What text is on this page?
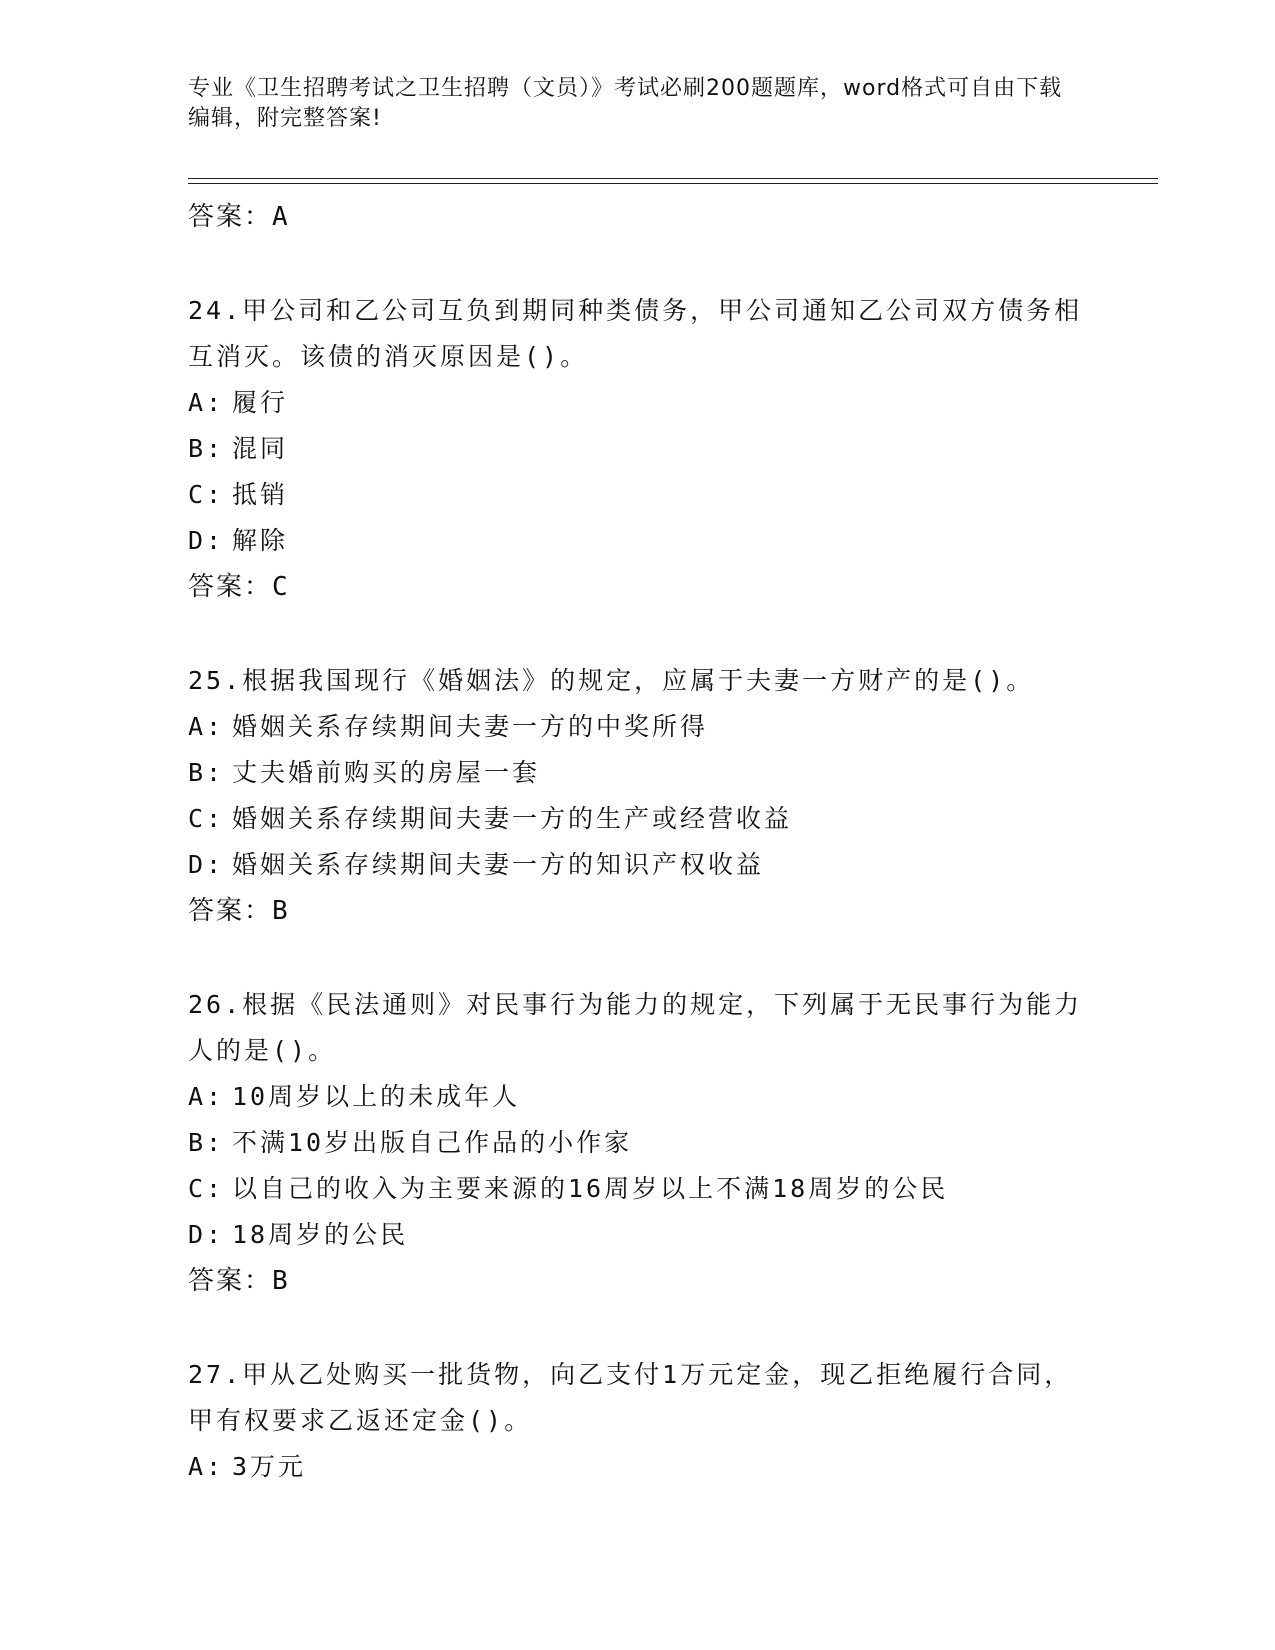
专业《卫生招聘考试之卫生招聘（文员）》考试必刷200题题库，word格式可自由下载编辑，附完整答案!
答案：A
24.甲公司和乙公司互负到期同种类债务，甲公司通知乙公司双方债务相互消灭。该债的消灭原因是()。
A: 履行
B: 混同
C: 抵销
D: 解除
答案：C
25.根据我国现行《婚姻法》的规定，应属于夫妻一方财产的是()。
A: 婚姻关系存续期间夫妻一方的中奖所得
B: 丈夫婚前购买的房屋一套
C: 婚姻关系存续期间夫妻一方的生产或经营收益
D: 婚姻关系存续期间夫妻一方的知识产权收益
答案：B
26.根据《民法通则》对民事行为能力的规定，下列属于无民事行为能力人的是()。
A: 10周岁以上的未成年人
B: 不满10岁出版自己作品的小作家
C: 以自己的收入为主要来源的16周岁以上不满18周岁的公民
D: 18周岁的公民
答案：B
27.甲从乙处购买一批货物，向乙支付1万元定金，现乙拒绝履行合同，甲有权要求乙返还定金()。
A: 3万元
